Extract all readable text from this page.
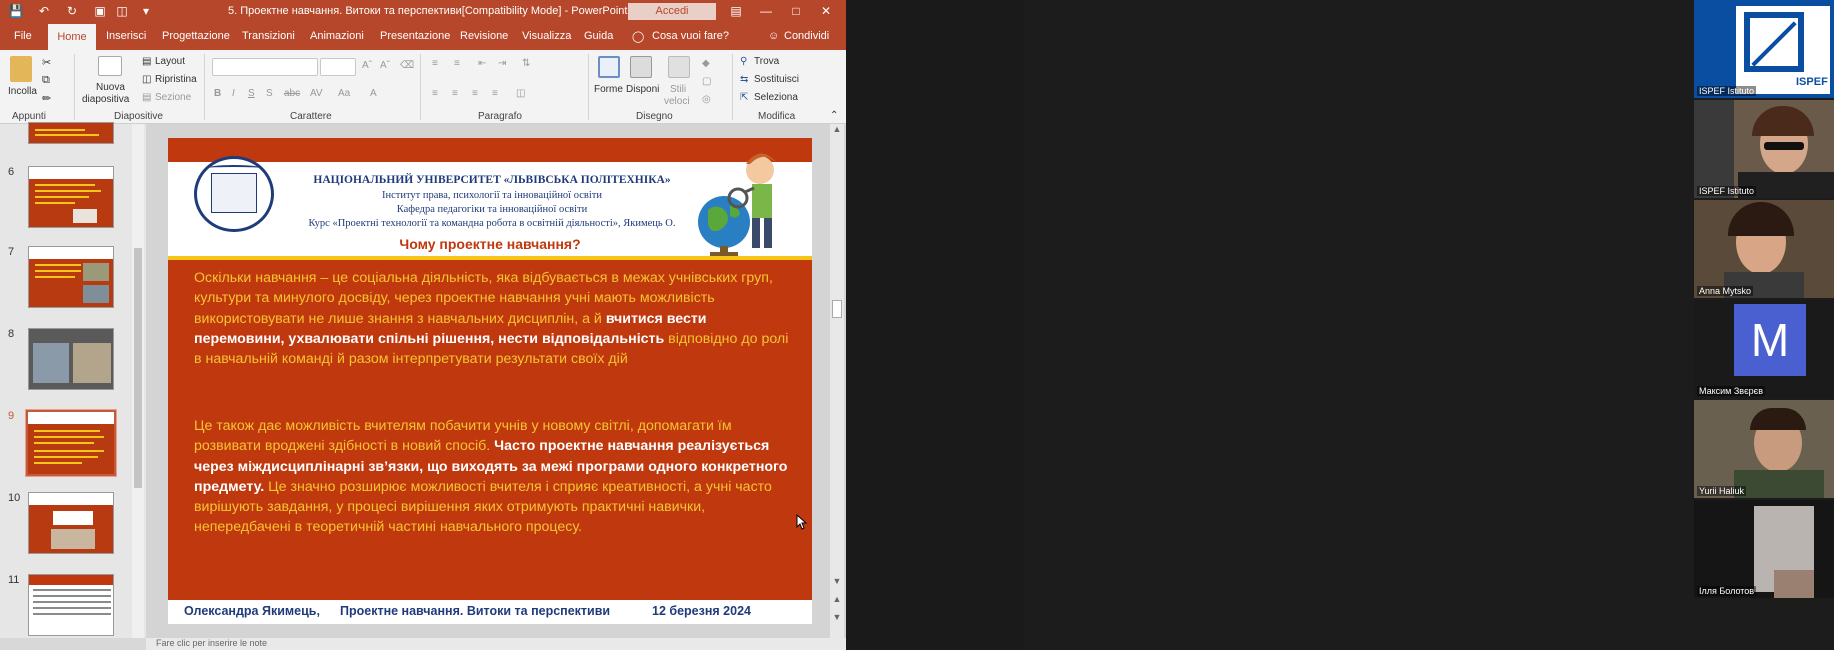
💾 ↶ ↻ ▣ ◫	▾	5. Проектне навчання. Витоки та перспективи[Compatibility Mode] - PowerPoint	Accedi	▤	—	□	✕
File	Inserisci Progettazione Transizioni Animazioni Presentazione Revisione Visualizza Guida ◯ Cosa vuoi fare?	☺ Condividi
Home
Incolla
✂
⧉
✏
Appunti
Nuova
diapositiva
▤ Layout
◫ Ripristina
▤ Sezione
Diapositive
Aˆ Aˇ ⌫
B I S S abc AV Aa A
Carattere
≡ ≡ ⇤ ⇥ ⇅
≡ ≡ ≡ ≡ ◫
Paragrafo
Forme Disponi Stili
veloci
◆
▢
◎
Disegno
⚲ Trova
⇆ Sostituisci
⇱ Seleziona
Modifica	⌃
6
7
8
9
10
11
НАЦІОНАЛЬНИЙ УНІВЕРСИТЕТ «ЛЬВІВСЬКА ПОЛІТЕХНІКА»
Інститут права, психології та інноваційної освіти
Кафедра педагогіки та інноваційної освіти
Курс «Проектні технології та командна робота в освітній діяльності», Якимець О.
Чому проектне навчання?
Оскільки навчання – це соціальна діяльність, яка відбувається в межах учнівських груп, культури та минулого досвіду, через проектне навчання учні мають можливість використовувати не лише знання з навчальних дисциплін, а й вчитися вести перемовини, ухвалювати спільні рішення, нести відповідальність відповідно до ролі в навчальній команді й разом інтерпретувати результати своїх дій
Це також дає можливість вчителям побачити учнів у новому світлі, допомагати їм розвивати вроджені здібності в новий спосіб. Часто проектне навчання реалізується через міждисциплінарні зв’язки, що виходять за межі програми одного конкретного предмету. Це значно розширює можливості вчителя і сприяє креативності, а учні часто вирішують завдання, у процесі вирішення яких отримують практичні навички, непередбачені в теоретичній частині навчального процесу.
Олександра Якимець, Проектне навчання. Витоки та перспективи	12 березня 2024
▲
▼
▲
▼
Fare clic per inserire le note
ISPEF
ISPEF Istituto
ISPEF Istituto
Anna Mytsko
M
Максим Звєрєв
Yurii Haliuk
Ілля Болотов
